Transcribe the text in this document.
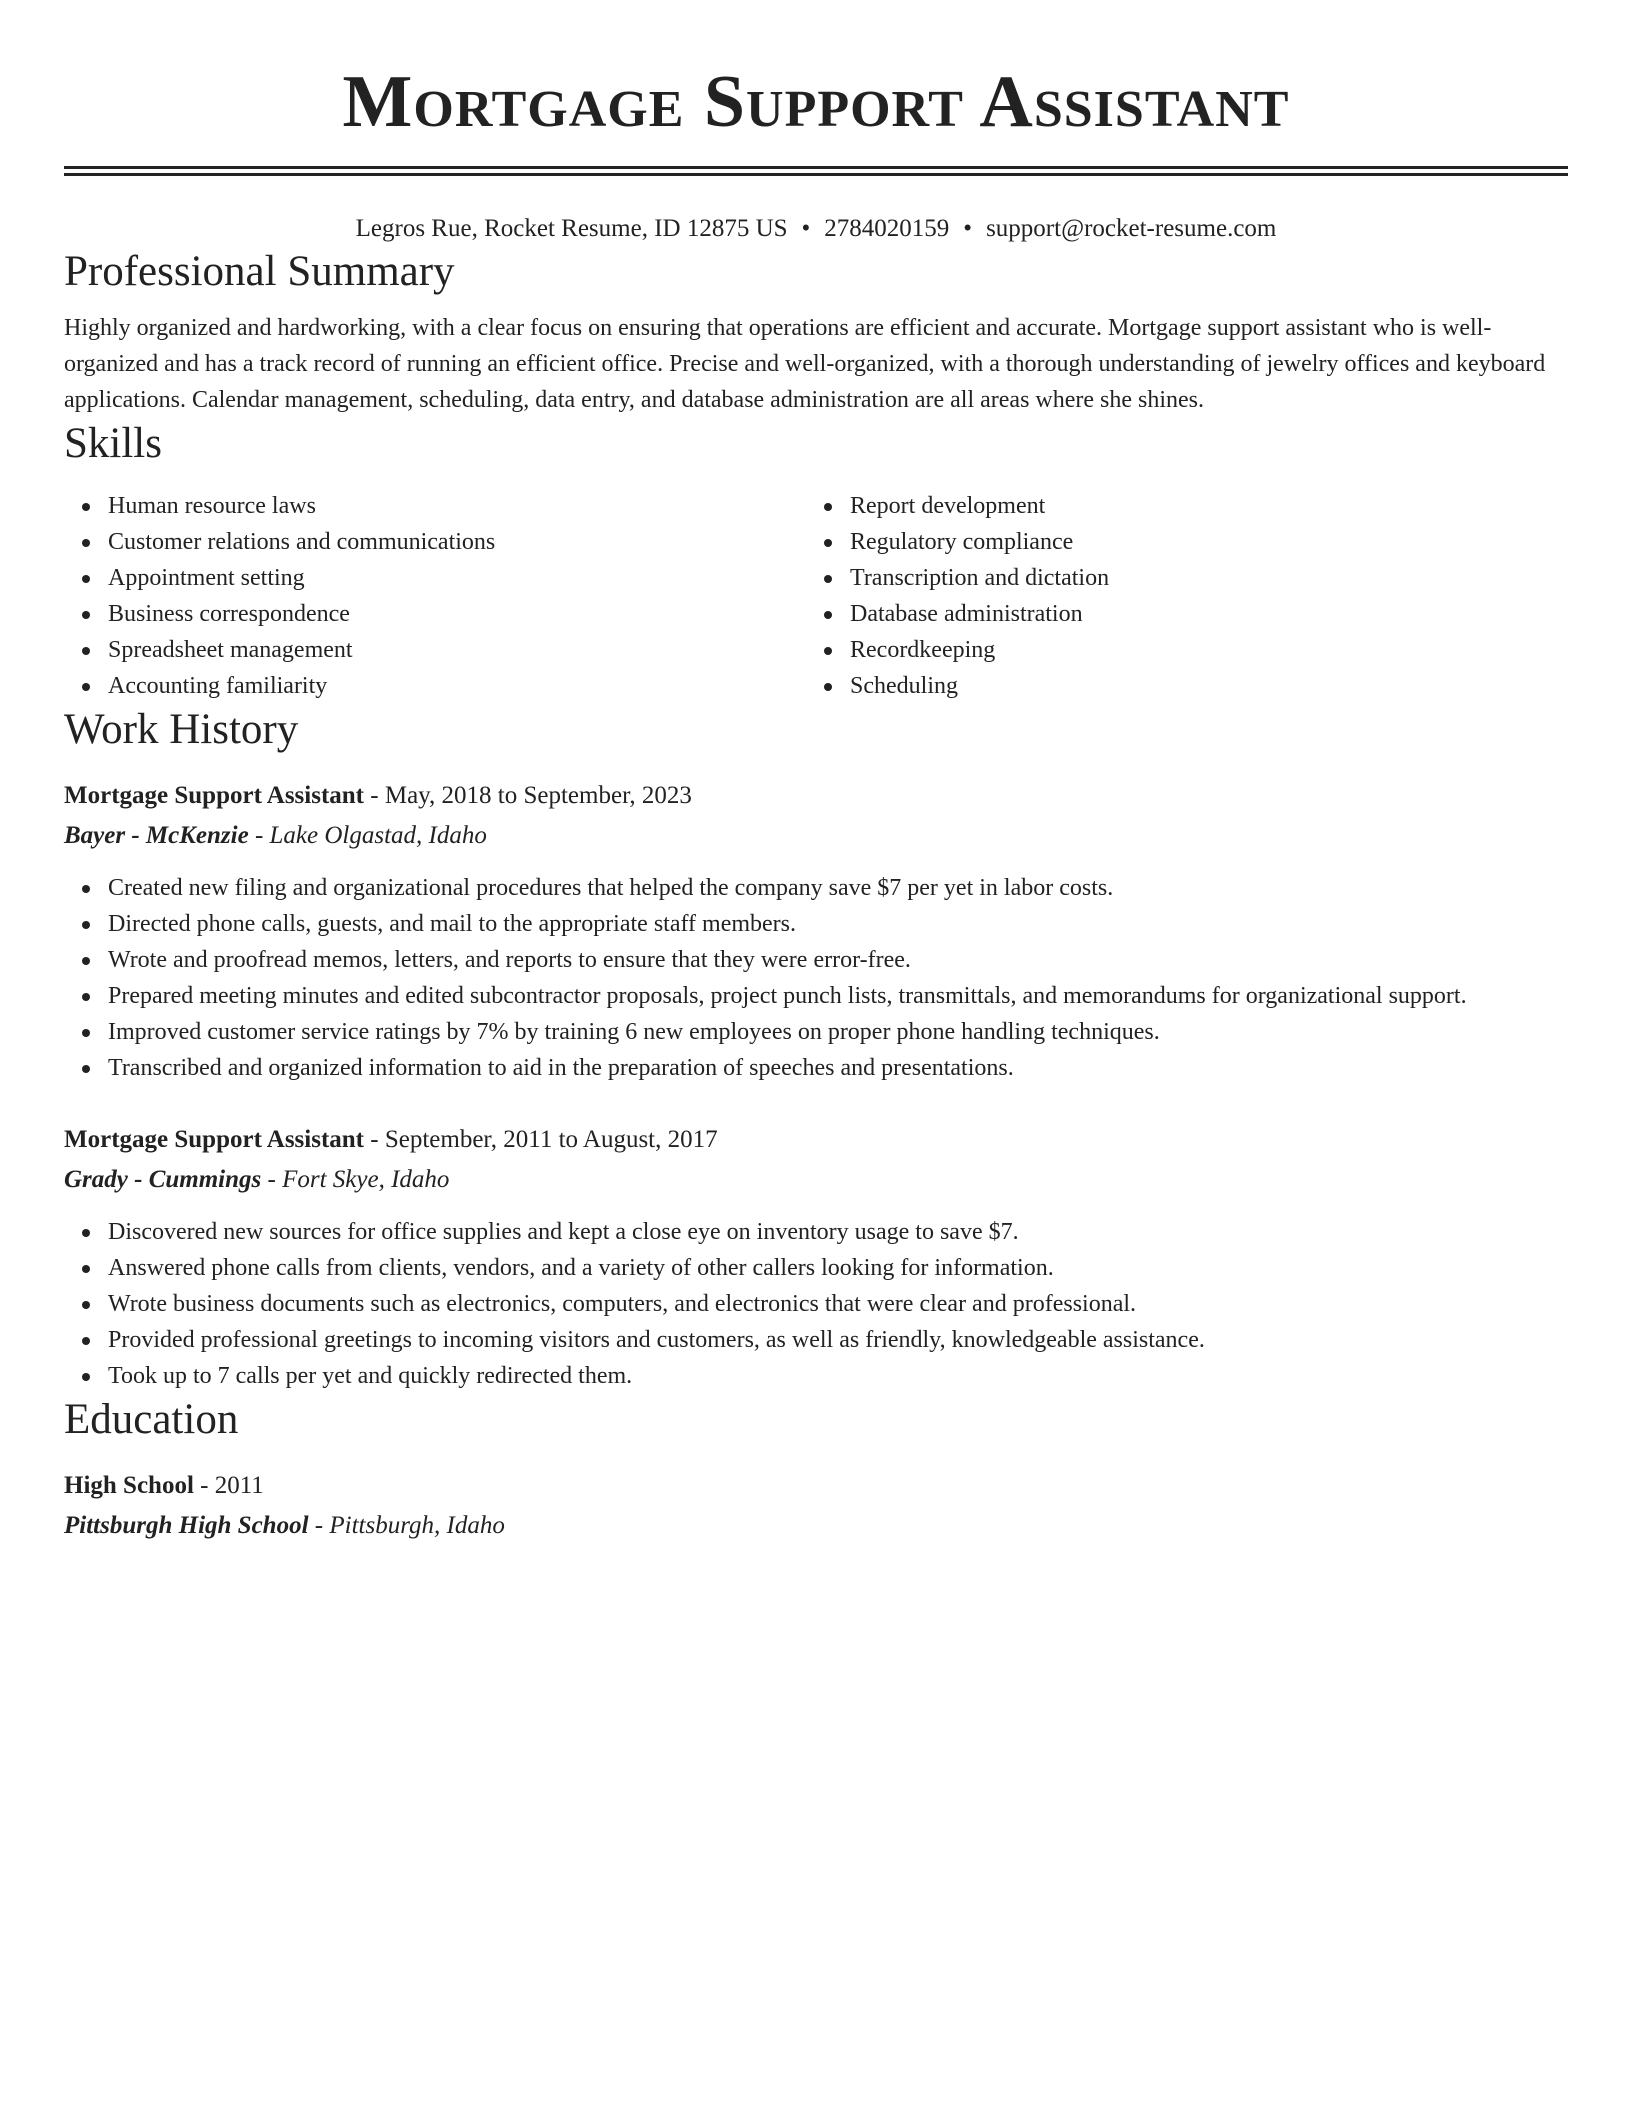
Mortgage Support Assistant
Legros Rue, Rocket Resume, ID 12875 US • 2784020159 • support@rocket-resume.com
Professional Summary
Highly organized and hardworking, with a clear focus on ensuring that operations are efficient and accurate. Mortgage support assistant who is well-organized and has a track record of running an efficient office. Precise and well-organized, with a thorough understanding of jewelry offices and keyboard applications. Calendar management, scheduling, data entry, and database administration are all areas where she shines.
Skills
Human resource laws
Customer relations and communications
Appointment setting
Business correspondence
Spreadsheet management
Accounting familiarity
Report development
Regulatory compliance
Transcription and dictation
Database administration
Recordkeeping
Scheduling
Work History
Mortgage Support Assistant - May, 2018 to September, 2023
Bayer - McKenzie - Lake Olgastad, Idaho
Created new filing and organizational procedures that helped the company save $7 per yet in labor costs.
Directed phone calls, guests, and mail to the appropriate staff members.
Wrote and proofread memos, letters, and reports to ensure that they were error-free.
Prepared meeting minutes and edited subcontractor proposals, project punch lists, transmittals, and memorandums for organizational support.
Improved customer service ratings by 7% by training 6 new employees on proper phone handling techniques.
Transcribed and organized information to aid in the preparation of speeches and presentations.
Mortgage Support Assistant - September, 2011 to August, 2017
Grady - Cummings - Fort Skye, Idaho
Discovered new sources for office supplies and kept a close eye on inventory usage to save $7.
Answered phone calls from clients, vendors, and a variety of other callers looking for information.
Wrote business documents such as electronics, computers, and electronics that were clear and professional.
Provided professional greetings to incoming visitors and customers, as well as friendly, knowledgeable assistance.
Took up to 7 calls per yet and quickly redirected them.
Education
High School - 2011
Pittsburgh High School - Pittsburgh, Idaho
